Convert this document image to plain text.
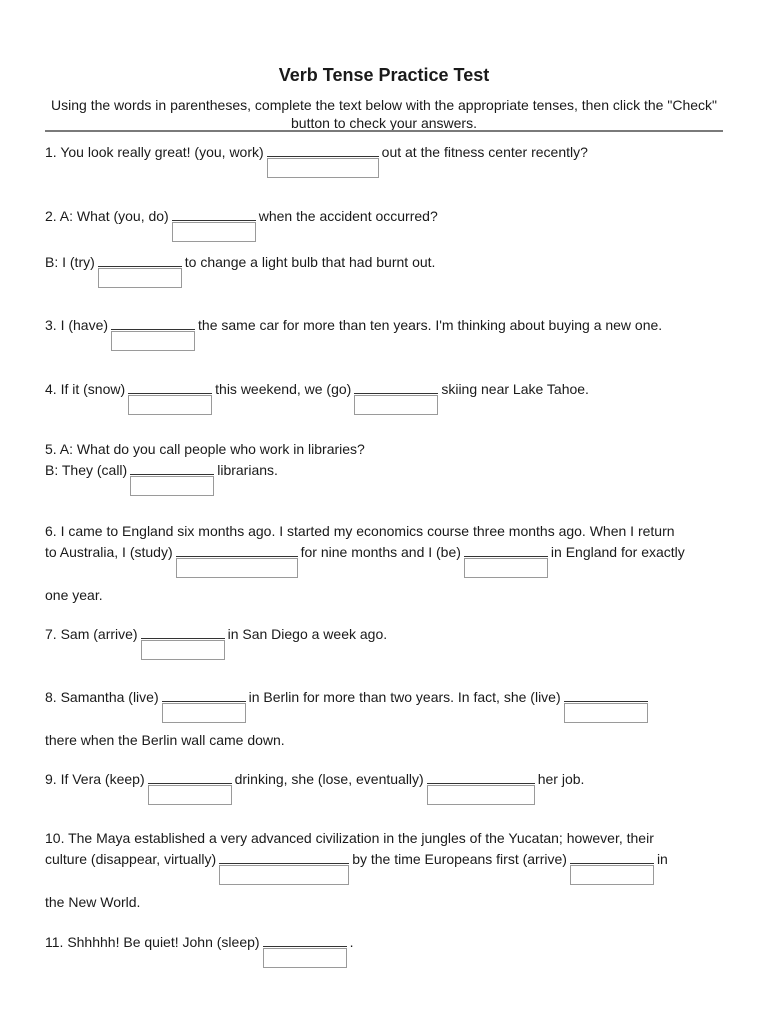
Verb Tense Practice Test

Using the words in parentheses, complete the text below with the appropriate tenses, then click the "Check" button to check your answers.

1. You look really great! (you, work)	out at the fitness center recently?

2. A: What (you, do)	when the accident occurred?

B: I (try)	to change a light bulb that had burnt out.

3. I (have)	the same car for more than ten years. I'm thinking about buying a new one.

4. If it (snow)	this weekend, we (go)	skiing near Lake Tahoe.

5. A: What do you call people who work in libraries?

B: They (call)	librarians.

6. I came to England six months ago. I started my economics course three months ago. When I return

to Australia, I (study)	for nine months and I (be)	in England for exactly

one year.

7. Sam (arrive)	in San Diego a week ago.

8. Samantha (live)	in Berlin for more than two years. In fact, she (live)

there when the Berlin wall came down.

9. If Vera (keep)	drinking, she (lose, eventually)	her job.

10. The Maya established a very advanced civilization in the jungles of the Yucatan; however, their

culture (disappear, virtually)	by the time Europeans first (arrive)	in

the New World.

11. Shhhhh! Be quiet! John (sleep)	.
